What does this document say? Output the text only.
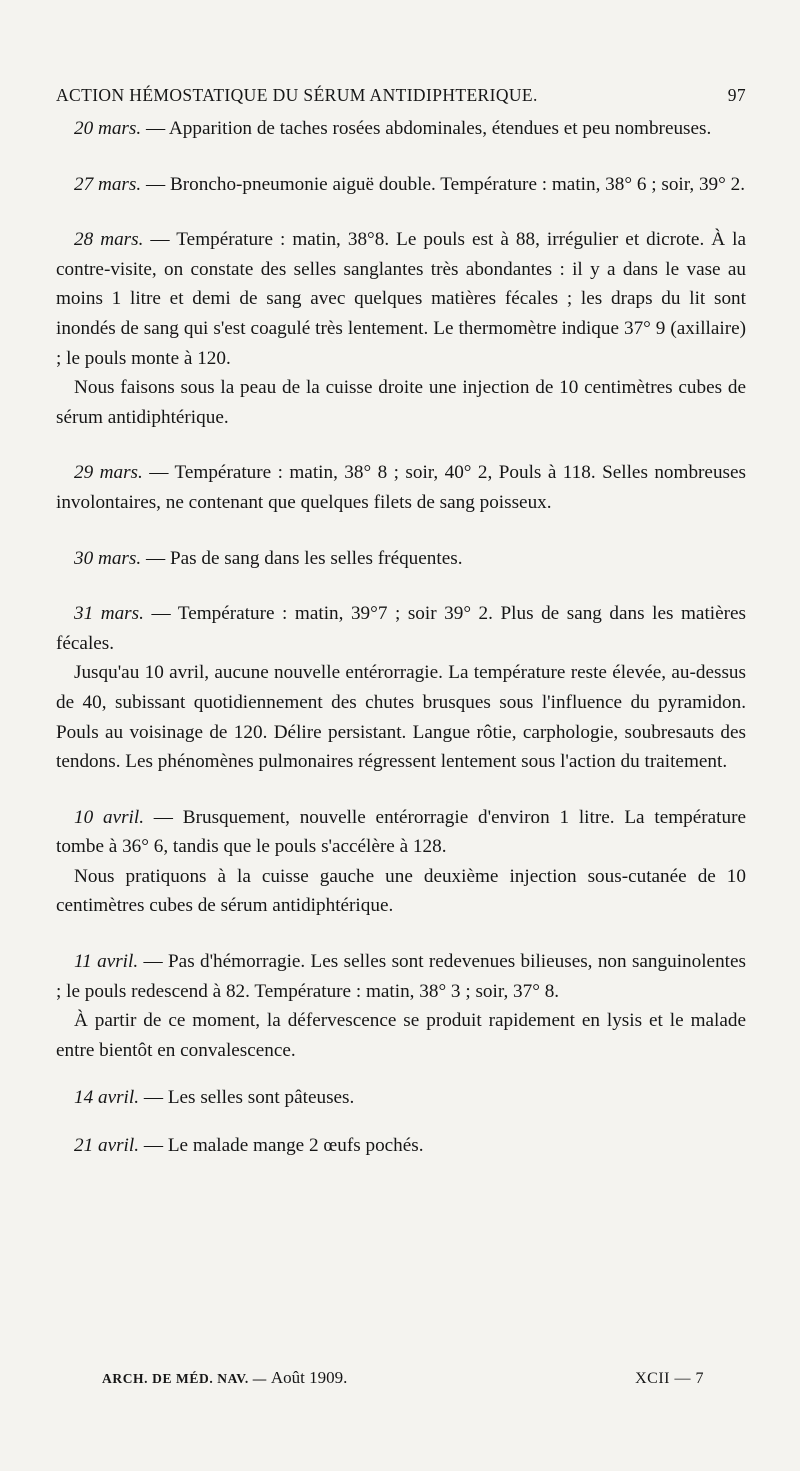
ACTION HÉMOSTATIQUE DU SÉRUM ANTIDIPHTERIQUE.	97

20 mars. — Apparition de taches rosées abdominales, étendues et peu nombreuses.

27 mars. — Broncho-pneumonie aiguë double. Température : matin, 38° 6 ; soir, 39° 2.

28 mars. — Température : matin, 38°8. Le pouls est à 88, irrégulier et dicrote. À la contre-visite, on constate des selles sanglantes très abondantes : il y a dans le vase au moins 1 litre et demi de sang avec quelques matières fécales ; les draps du lit sont inondés de sang qui s'est coagulé très lentement. Le thermomètre indique 37° 9 (axillaire) ; le pouls monte à 120.

Nous faisons sous la peau de la cuisse droite une injection de 10 centimètres cubes de sérum antidiphtérique.

29 mars. — Température : matin, 38° 8 ; soir, 40° 2, Pouls à 118. Selles nombreuses involontaires, ne contenant que quelques filets de sang poisseux.

30 mars. — Pas de sang dans les selles fréquentes.

31 mars. — Température : matin, 39°7 ; soir 39° 2. Plus de sang dans les matières fécales.

Jusqu'au 10 avril, aucune nouvelle entérorragie. La température reste élevée, au-dessus de 40, subissant quotidiennement des chutes brusques sous l'influence du pyramidon. Pouls au voisinage de 120. Délire persistant. Langue rôtie, carphologie, soubresauts des tendons. Les phénomènes pulmonaires régressent lentement sous l'action du traitement.

10 avril. — Brusquement, nouvelle entérorragie d'environ 1 litre. La température tombe à 36° 6, tandis que le pouls s'accélère à 128.

Nous pratiquons à la cuisse gauche une deuxième injection sous-cutanée de 10 centimètres cubes de sérum antidiphtérique.

11 avril. — Pas d'hémorragie. Les selles sont redevenues bilieuses, non sanguinolentes ; le pouls redescend à 82. Température : matin, 38° 3 ; soir, 37° 8.

À partir de ce moment, la défervescence se produit rapidement en lysis et le malade entre bientôt en convalescence.

14 avril. — Les selles sont pâteuses.

21 avril. — Le malade mange 2 œufs pochés.

ARCH. DE MÉD. NAV. — Août 1909.	XCII — 7
